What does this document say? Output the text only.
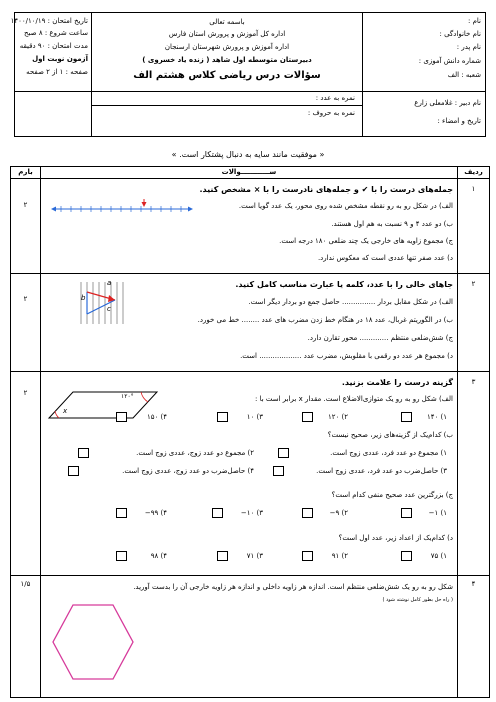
نام :
نام خانوادگی :
نام پدر :
شماره دانش آموزی :
شعبه : الف
نام دبیر : غلامعلی زارع
تاریخ و امضاء :
باسمه تعالی
اداره کل آموزش و پرورش استان فارس
اداره آموزش و پرورش شهرستان ارسنجان
دبیرستان متوسطه اول شاهد ( زنده یاد خسروی )
سؤالات درس ریاضی کلاس هشتم الف
نمره به عدد :
نمره به حروف :
تاریخ امتحان : ۱۴۰۰/۱۰/۱۹
ساعت شروع : ۸ صبح
مدت امتحان : ۹۰ دقیقه
آزمون نوبت اول
صفحه : ۱ از ۲ صفحه
« موفقیت مانند سایه به دنبال پشتکار است. »
ردیف
ســــــــــــوالات
بارم
۱
۲
جمله‌های درست را با ✔ و جمله‌های نادرست را با × مشخص کنید.
الف) در شکل رو به رو نقطه مشخص شده روی محور، یک عدد گویا است.
ب) دو عدد ۴ و ۹ نسبت به هم اول هستند.
ج) مجموع زاویه های خارجی یک چند ضلعی ۱۸۰ درجه است.
د) عدد صفر تنها عددی است که معکوس ندارد.
۲
۲
جاهای خالی را با عدد، کلمه یا عبارت مناسب کامل کنید.
الف) در شکل مقابل بردار ............... حاصل جمع دو بردار دیگر است.
ب) در الگوریتم غربال، عدد ۱۸ در هنگام خط زدن مضرب های عدد ........ خط می خورد.
ج) شش‌ضلعی منتظم ............. محور تقارن دارد.
د) مجموع هر عدد دو رقمی با مقلوبش، مضرب عدد ................... است.
a
b
c
۳
۲
گزینه درست را علامت بزنید.
الف) شکل رو به رو یک متوازی‌الاضلاع است. مقدار x برابر است با :
۱۲۰°
x
۱) ۱۴۰
۲) ۱۲۰
۳) ۱۰
۴) ۱۵۰
ب) کدام‌یک از گزینه‌های زیر، صحیح نیست؟
۱) مجموع دو عدد فرد، عددی زوج است.
۲) مجموع دو عدد زوج، عددی زوج است.
۳) حاصل‌ضرب دو عدد فرد، عددی زوج است.
۴) حاصل‌ضرب دو عدد زوج، عددی زوج است.
ج) بزرگترین عدد صحیح منفی کدام است؟
۱) ۱−
۲) ۹−
۳) ۱۰−
۴) ۹۹−
د) کدام‌یک از اعداد زیر، عدد اول است؟
۱) ۷۵
۲) ۹۱
۳) ۷۱
۴) ۹۸
۴
۱/۵	شکل رو به رو یک شش‌ضلعی منتظم است. اندازه هر زاویه داخلی و اندازه هر زاویه خارجی آن را بدست آورید.
( راه حل بطور کامل نوشته شود )
